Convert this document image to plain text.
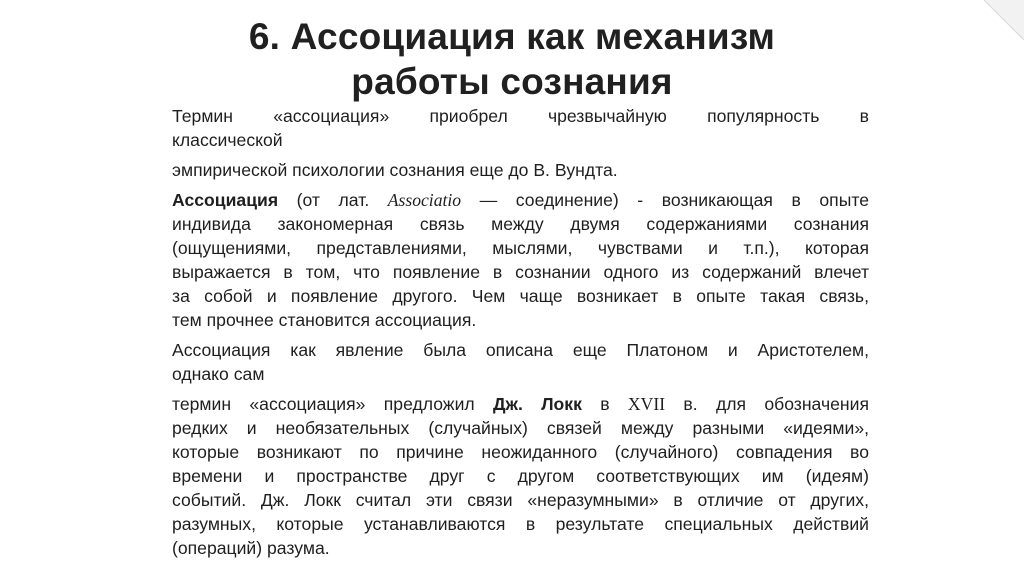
6. Ассоциация как механизм
работы сознания
Термин «ассоциация» приобрел чрезвычайную популярность в
классической
эмпирической психологии сознания еще до В. Вундта.
Ассоциация (от лат. Associatio — соединение) - возникающая в опыте
индивида закономерная связь между двумя содержаниями сознания
(ощущениями, представлениями, мыслями, чувствами и т.п.), которая
выражается в том, что появление в сознании одного из содержаний влечет
за собой и появление другого. Чем чаще возникает в опыте такая связь,
тем прочнее становится ассоциация.
Ассоциация как явление была описана еще Платоном и Аристотелем,
однако сам
термин «ассоциация» предложил Дж. Локк в XVII в. для обозначения
редких и необязательных (случайных) связей между разными «идеями»,
которые возникают по причине неожиданного (случайного) совпадения во
времени и пространстве друг с другом соответствующих им (идеям)
событий. Дж. Локк считал эти связи «неразумными» в отличие от других,
разумных, которые устанавливаются в результате специальных действий
(операций) разума.
